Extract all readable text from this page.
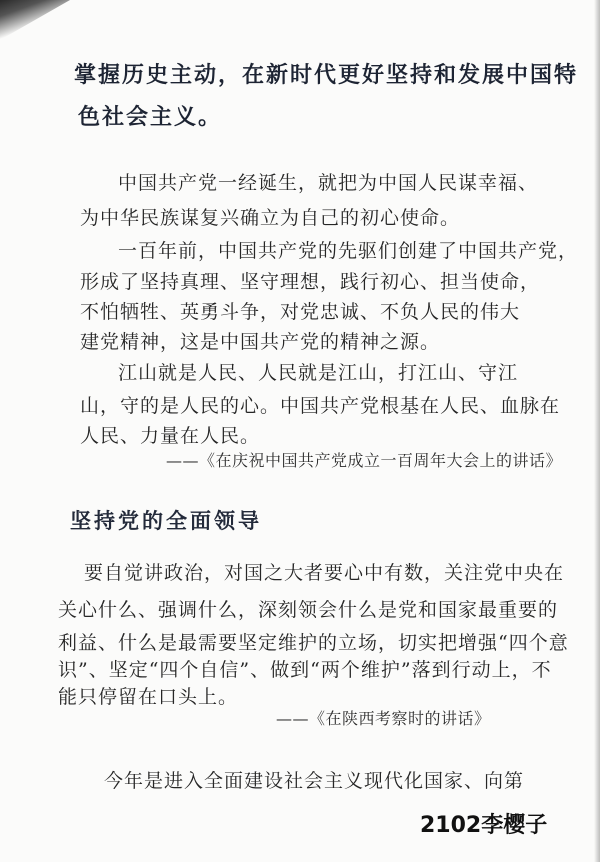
掌握历史主动，在新时代更好坚持和发展中国特
色社会主义。
中国共产党一经诞生，就把为中国人民谋幸福、
为中华民族谋复兴确立为自己的初心使命。
一百年前，中国共产党的先驱们创建了中国共产党，
形成了坚持真理、坚守理想，践行初心、担当使命，
不怕牺牲、英勇斗争，对党忠诚、不负人民的伟大
建党精神，这是中国共产党的精神之源。
江山就是人民、人民就是江山，打江山、守江
山，守的是人民的心。中国共产党根基在人民、血脉在
人民、力量在人民。
——《在庆祝中国共产党成立一百周年大会上的讲话》
坚持党的全面领导
要自觉讲政治，对国之大者要心中有数，关注党中央在
关心什么、强调什么，深刻领会什么是党和国家最重要的
利益、什么是最需要坚定维护的立场，切实把增强“四个意
识”、坚定“四个自信”、做到“两个维护”落到行动上，不
能只停留在口头上。
——《在陕西考察时的讲话》
今年是进入全面建设社会主义现代化国家、向第
2102李樱子
